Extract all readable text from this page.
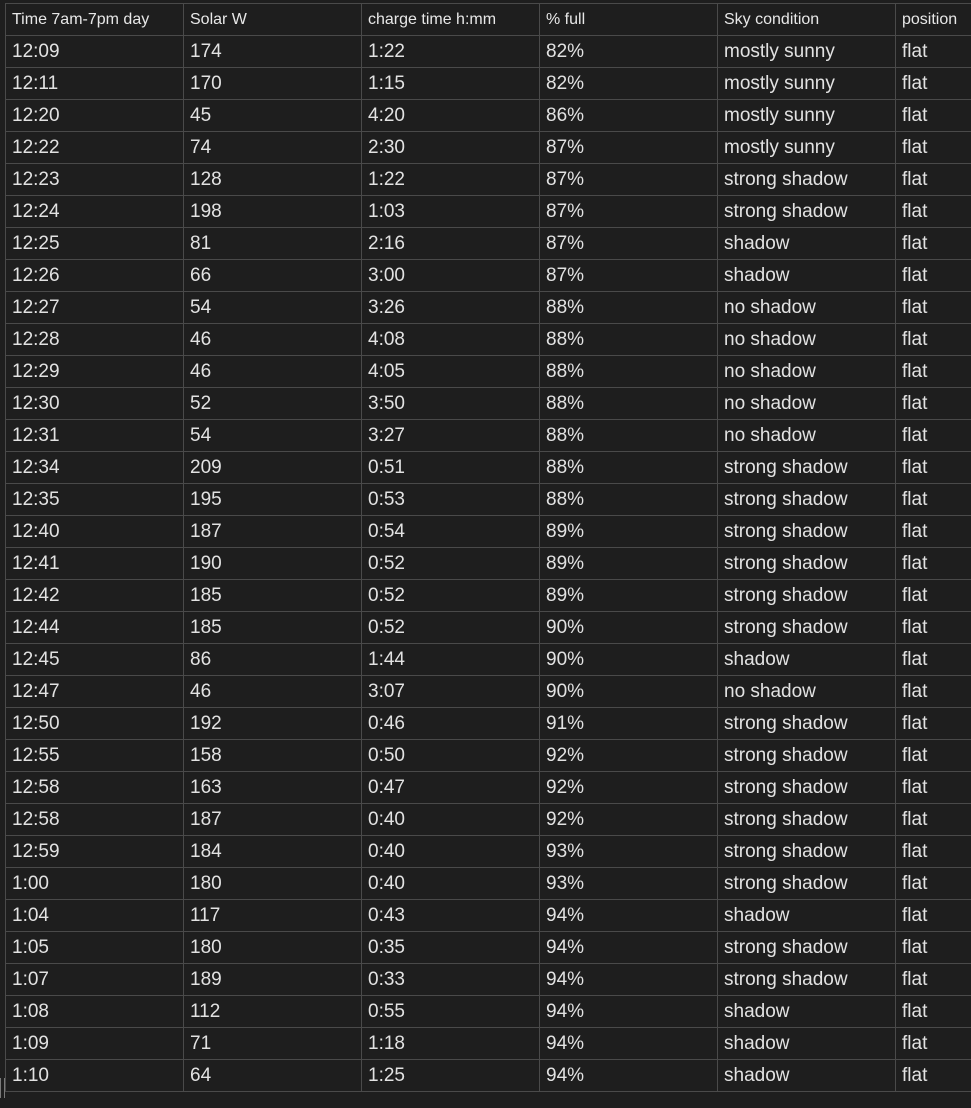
Time 7am-7pm day	Solar W	charge time h:mm	% full	Sky condition	position
12:09	174	1:22	82%	mostly sunny	flat
12:11	170	1:15	82%	mostly sunny	flat
12:20	45	4:20	86%	mostly sunny	flat
12:22	74	2:30	87%	mostly sunny	flat
12:23	128	1:22	87%	strong shadow	flat
12:24	198	1:03	87%	strong shadow	flat
12:25	81	2:16	87%	shadow	flat
12:26	66	3:00	87%	shadow	flat
12:27	54	3:26	88%	no shadow	flat
12:28	46	4:08	88%	no shadow	flat
12:29	46	4:05	88%	no shadow	flat
12:30	52	3:50	88%	no shadow	flat
12:31	54	3:27	88%	no shadow	flat
12:34	209	0:51	88%	strong shadow	flat
12:35	195	0:53	88%	strong shadow	flat
12:40	187	0:54	89%	strong shadow	flat
12:41	190	0:52	89%	strong shadow	flat
12:42	185	0:52	89%	strong shadow	flat
12:44	185	0:52	90%	strong shadow	flat
12:45	86	1:44	90%	shadow	flat
12:47	46	3:07	90%	no shadow	flat
12:50	192	0:46	91%	strong shadow	flat
12:55	158	0:50	92%	strong shadow	flat
12:58	163	0:47	92%	strong shadow	flat
12:58	187	0:40	92%	strong shadow	flat
12:59	184	0:40	93%	strong shadow	flat
1:00	180	0:40	93%	strong shadow	flat
1:04	117	0:43	94%	shadow	flat
1:05	180	0:35	94%	strong shadow	flat
1:07	189	0:33	94%	strong shadow	flat
1:08	112	0:55	94%	shadow	flat
1:09	71	1:18	94%	shadow	flat
1:10	64	1:25	94%	shadow	flat
